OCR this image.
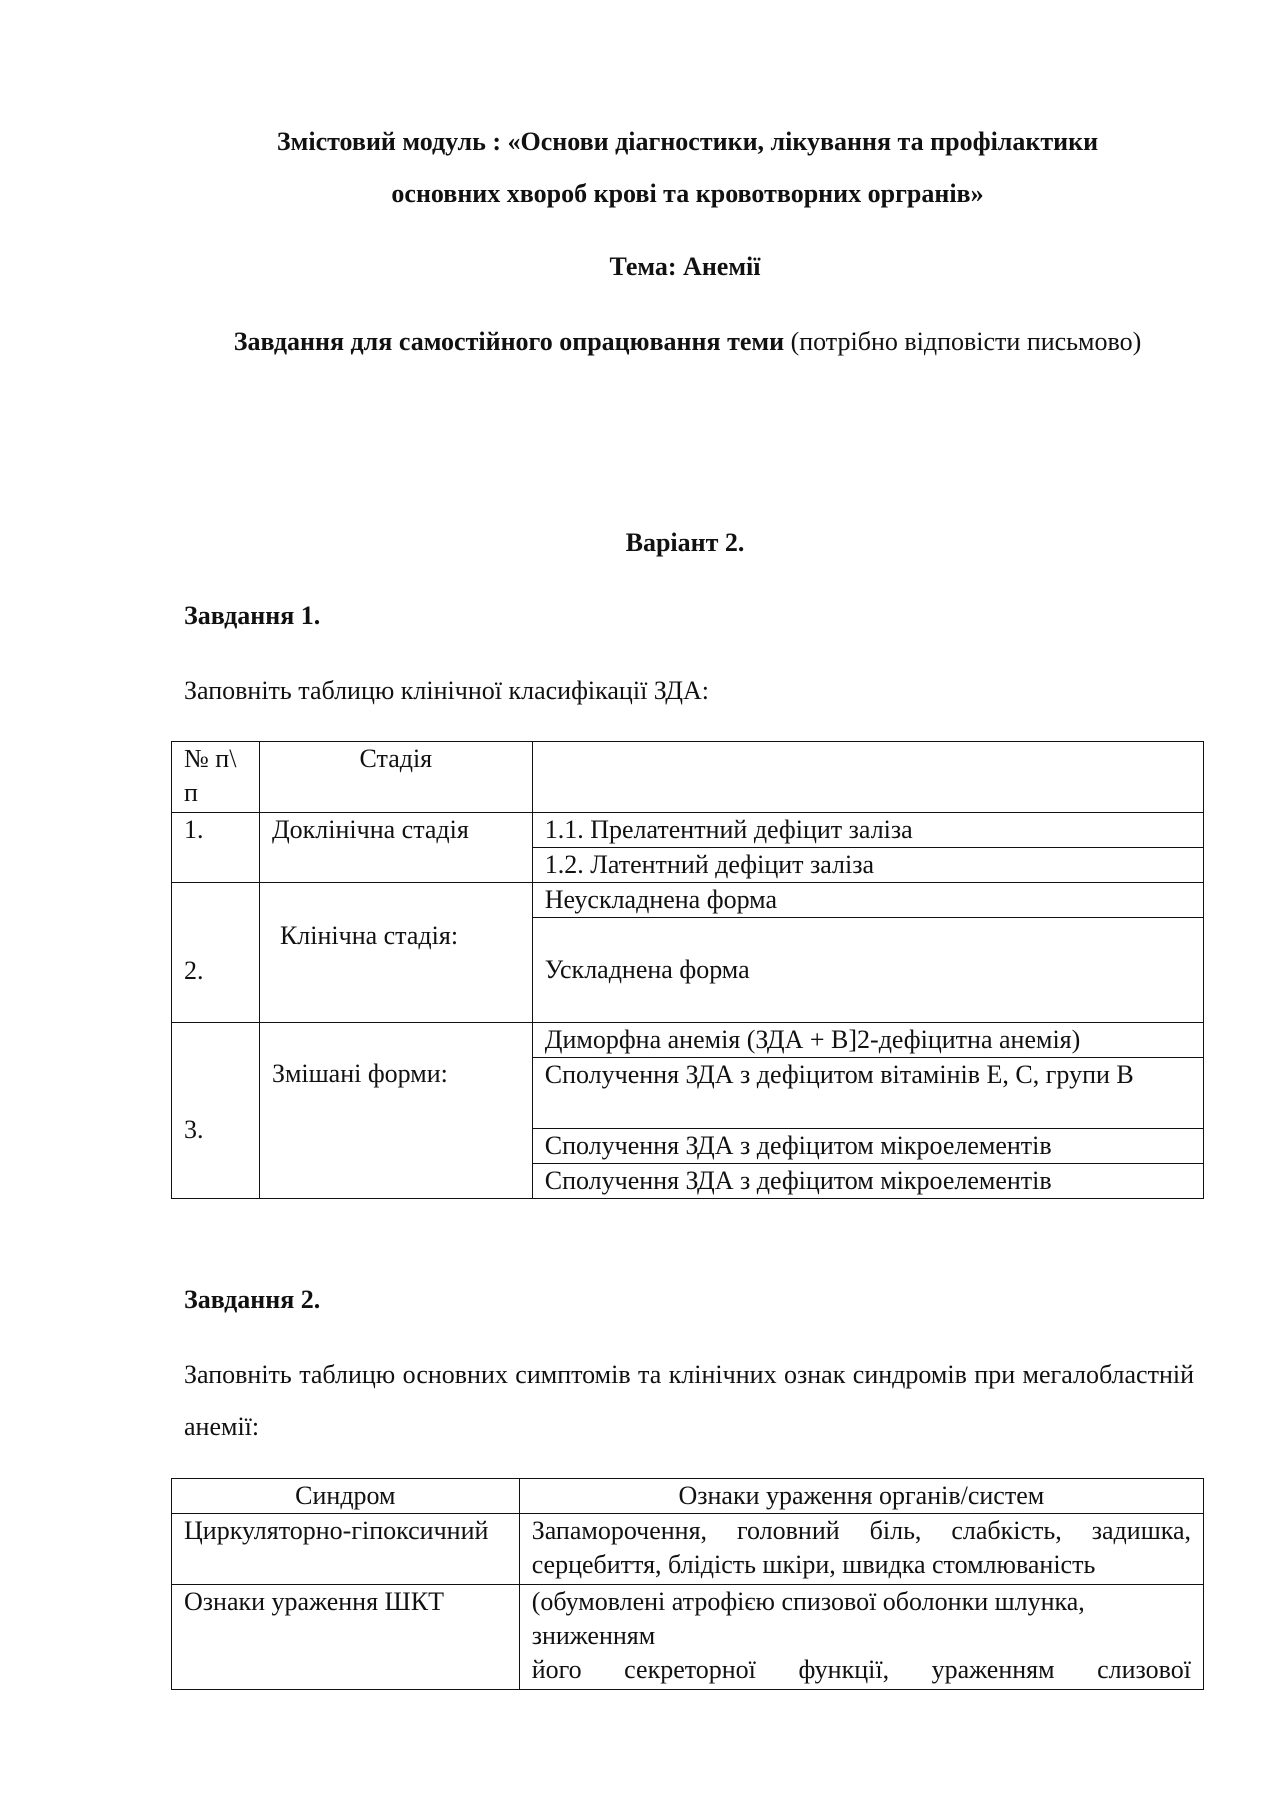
Змістовий модуль : «Основи діагностики, лікування та профілактики
основних хвороб крові та кровотворних оргранів»
Тема: Анемії
Завдання для самостійного опрацювання теми (потрібно відповісти письмово)
Варіант 2.
Завдання 1.
Заповніть таблицю клінічної класифікації ЗДА:
№ п\ п	Стадія	
1.	Доклінічна стадія	1.1. Прелатентний дефіцит заліза
		1.2. Латентний дефіцит заліза
2.	Клінічна стадія:	Неускладнена форма
		Ускладнена форма
3.	Змішані форми:	Диморфна анемія (ЗДА + В]2-дефіцитна анемія)
		Сполучення ЗДА з дефіцитом вітамінів Е, С, групи В
		Сполучення ЗДА з дефіцитом мікроелементів
		Сполучення ЗДА з дефіцитом мікроелементів
Завдання 2.
Заповніть таблицю основних симптомів та клінічних ознак синдромів при мегалобластній анемії:
Синдром	Ознаки ураження органів/систем
Циркуляторно-гіпоксичний	Запаморочення, головний біль, слабкість, задишка, серцебиття, блідість шкіри, швидка стомлюваність
Ознаки ураження ШКТ	(обумовлені атрофією спизової оболонки шлунка, зниженням
його секреторної функції, ураженням слизової
